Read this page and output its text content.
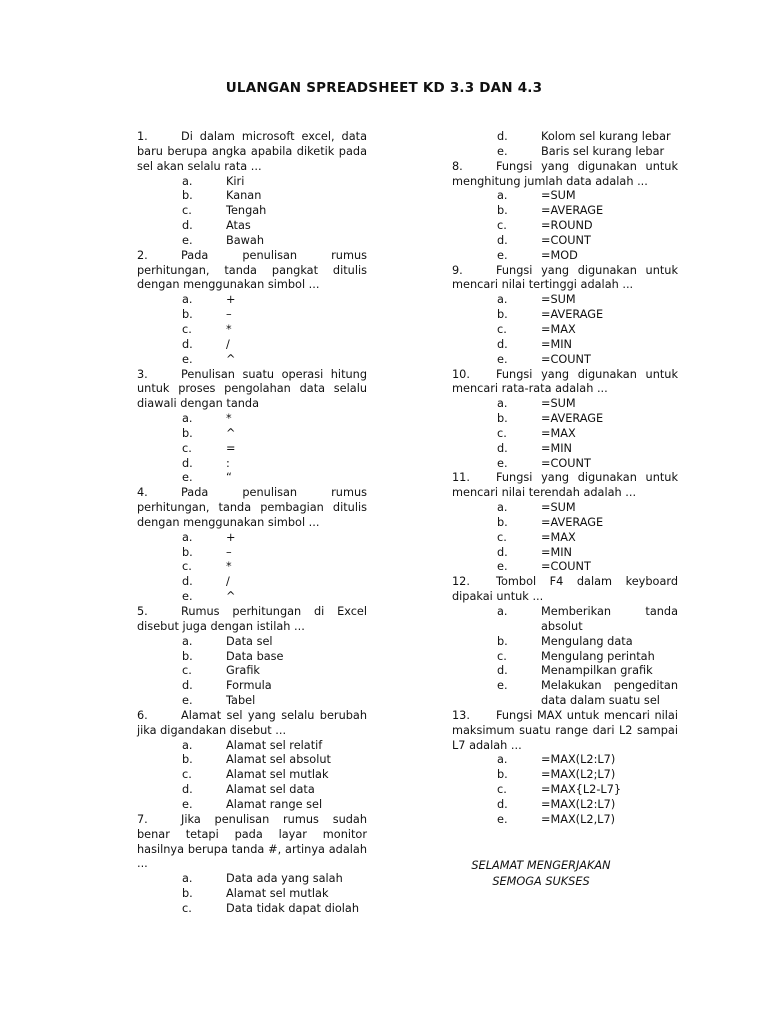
ULANGAN SPREADSHEET KD 3.3 DAN 4.3
1.	Di dalam microsoft excel, data baru berupa angka apabila diketik pada sel akan selalu rata ...
a.	Kiri
b.	Kanan
c.	Tengah
d.	Atas
e.	Bawah
2.	Pada penulisan rumus perhitungan, tanda pangkat ditulis dengan menggunakan simbol ...
a.	+
b.	–
c.	*
d.	/
e.	^
3.	Penulisan suatu operasi hitung untuk proses pengolahan data selalu diawali dengan tanda
a.	*
b.	^
c.	=
d.	:
e.	“
4.	Pada penulisan rumus perhitungan, tanda pembagian ditulis dengan menggunakan simbol ...
a.	+
b.	–
c.	*
d.	/
e.	^
5.	Rumus perhitungan di Excel disebut juga dengan istilah ...
a.	Data sel
b.	Data base
c.	Grafik
d.	Formula
e.	Tabel
6.	Alamat sel yang selalu berubah jika digandakan disebut ...
a.	Alamat sel relatif
b.	Alamat sel absolut
c.	Alamat sel mutlak
d.	Alamat sel data
e.	Alamat range sel
7.	Jika penulisan rumus sudah benar tetapi pada layar monitor hasilnya berupa tanda #, artinya adalah ...
a.	Data ada yang salah
b.	Alamat sel mutlak
c.	Data tidak dapat diolah
d.	Kolom sel kurang lebar
e.	Baris sel kurang lebar
8.	Fungsi yang digunakan untuk menghitung jumlah data adalah ...
a.	=SUM
b.	=AVERAGE
c.	=ROUND
d.	=COUNT
e.	=MOD
9.	Fungsi yang digunakan untuk mencari nilai tertinggi adalah ...
a.	=SUM
b.	=AVERAGE
c.	=MAX
d.	=MIN
e.	=COUNT
10. Fungsi yang digunakan untuk mencari rata-rata adalah ...
a.	=SUM
b.	=AVERAGE
c.	=MAX
d.	=MIN
e.	=COUNT
11. Fungsi yang digunakan untuk mencari nilai terendah adalah ...
a.	=SUM
b.	=AVERAGE
c.	=MAX
d.	=MIN
e.	=COUNT
12. Tombol F4 dalam keyboard dipakai untuk ...
a.	Memberikan tanda absolut
b.	Mengulang data
c.	Mengulang perintah
d.	Menampilkan grafik
e.	Melakukan pengeditan data dalam suatu sel
13. Fungsi MAX untuk mencari nilai maksimum suatu range dari L2 sampai L7 adalah ...
a.	=MAX(L2:L7)
b.	=MAX(L2;L7)
c.	=MAX{L2-L7}
d.	=MAX(L2:L7)
e.	=MAX(L2,L7)
SELAMAT MENGERJAKAN
SEMOGA SUKSES
